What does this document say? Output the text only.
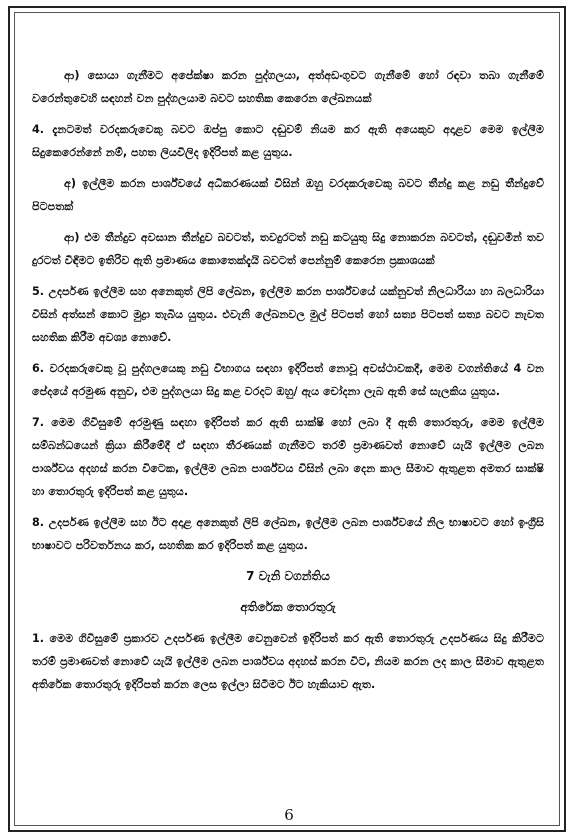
ආ) සොයා ගැනීමට අපේක්ෂා කරන පුද්ගලයා, අත්අඩංගුවට ගැනීමේ හෝ රඳවා තබා ගැනීමේ වරෙන්තුවෙහි සඳහන් වන පුද්ගලයාම බවට සහතික කෙරෙන ලේඛනයක්

4. දැනටමත් වරදකරුවෙකු බවට ඔප්පු කොට දඬුවම් නියම කර ඇති අයෙකුව අදාළව මෙම ඉල්ලීම සිදුකෙරෙන්නේ නම්, පහත ලියවිලිද ඉදිරිපත් කළ යුතුය.

අ) ඉල්ලීම කරන පාර්ශ්වයේ අධිකරණයක් විසින් ඔහු වරදකරුවෙකු බවට තීන්දු කළ නඩු තීන්දුවේ පිටපතක්

ආ) එම තීන්දුව අවසාන තීන්දුව බවටත්, තවදුරටත් නඩු කටයුතු සිදු නොකරන බවටත්, දඬුවමින් තව දුරටත් විඳීමට ඉතිරිව ඇති ප්‍රමාණය කොතෙක්දැයි බවටත් පෙන්නුම් කෙරෙන ප්‍රකාශයක්

5. උදර්පණ ඉල්ලීම සහ අනෙකුත් ලිපි ලේඛන, ඉල්ලීම කරන පාර්ශ්වයේ යක්නුවත් නිලධාරියා හා බලධාරියා විසින් අත්සන් කොට මුද්‍රා තැබිය යුතුය. එවැනි ලේඛනවල මුල් පිටපත් හෝ සත්‍ය පිටපත් සත්‍ය බවට නැවත සහතික කිරීම අවශ්‍ය නොවේ.

6. වරදකරුවෙකු වූ පුද්ගලයෙකු නඩු විභාගය සඳහා ඉදිරිපත් නොවූ අවස්ථාවකදී, මෙම වගන්තියේ 4 වන පේදයේ අරමුණ අනුව, එම පුද්ගලයා සිදු කළ වරදට ඔහු/ ඇය චෝදනා ලැබ ඇති සේ සැලකිය යුතුය.

7. මෙම ගිවිසුමේ අරමුණු සඳහා ඉදිරිපත් කර ඇති සාක්ෂි හෝ ලබා දී ඇති තොරතුරු, මෙම ඉල්ලීම සම්බන්ධයෙන් ක්‍රියා කිරීමේදී ඒ සඳහා තීරණයක් ගැනීමට තරම් ප්‍රමාණවත් නොවේ යැයි ඉල්ලීම ලබන පාර්ශ්වය අදහස් කරන විටෙක, ඉල්ලීම ලබන පාර්ශ්වය විසින් ලබා දෙන කාල සීමාව ඇතුළත අමතර සාක්ෂි හා තොරතුරු ඉදිරිපත් කළ යුතුය.

8. උදර්පණ ඉල්ලීම සහ ඊට අදාළ අනෙකුත් ලිපි ලේඛන, ඉල්ලීම ලබන පාර්ශ්වයේ නිල භාෂාවට හෝ ඉංග්‍රීසි භාෂාවට පරිවර්තනය කර, සහතික කර ඉදිරිපත් කළ යුතුය.

7 වැනි වගන්තිය
අතිරේක තොරතුරු

1. මෙම ගිවිසුමේ ප්‍රකාරව උදර්පණ ඉල්ලීම වෙනුවෙන් ඉදිරිපත් කර ඇති තොරතුරු උදර්පණය සිදු කිරීමට තරම් ප්‍රමාණවත් නොවේ යැයි ඉල්ලීම ලබන පාර්ශ්වය අදහස් කරන විට, නියම කරන ලද කාල සීමාව ඇතුළත අතිරේක තොරතුරු ඉදිරිපත් කරන ලෙස ඉල්ලා සිටීමට ඊට හැකියාව ඇත.

6
